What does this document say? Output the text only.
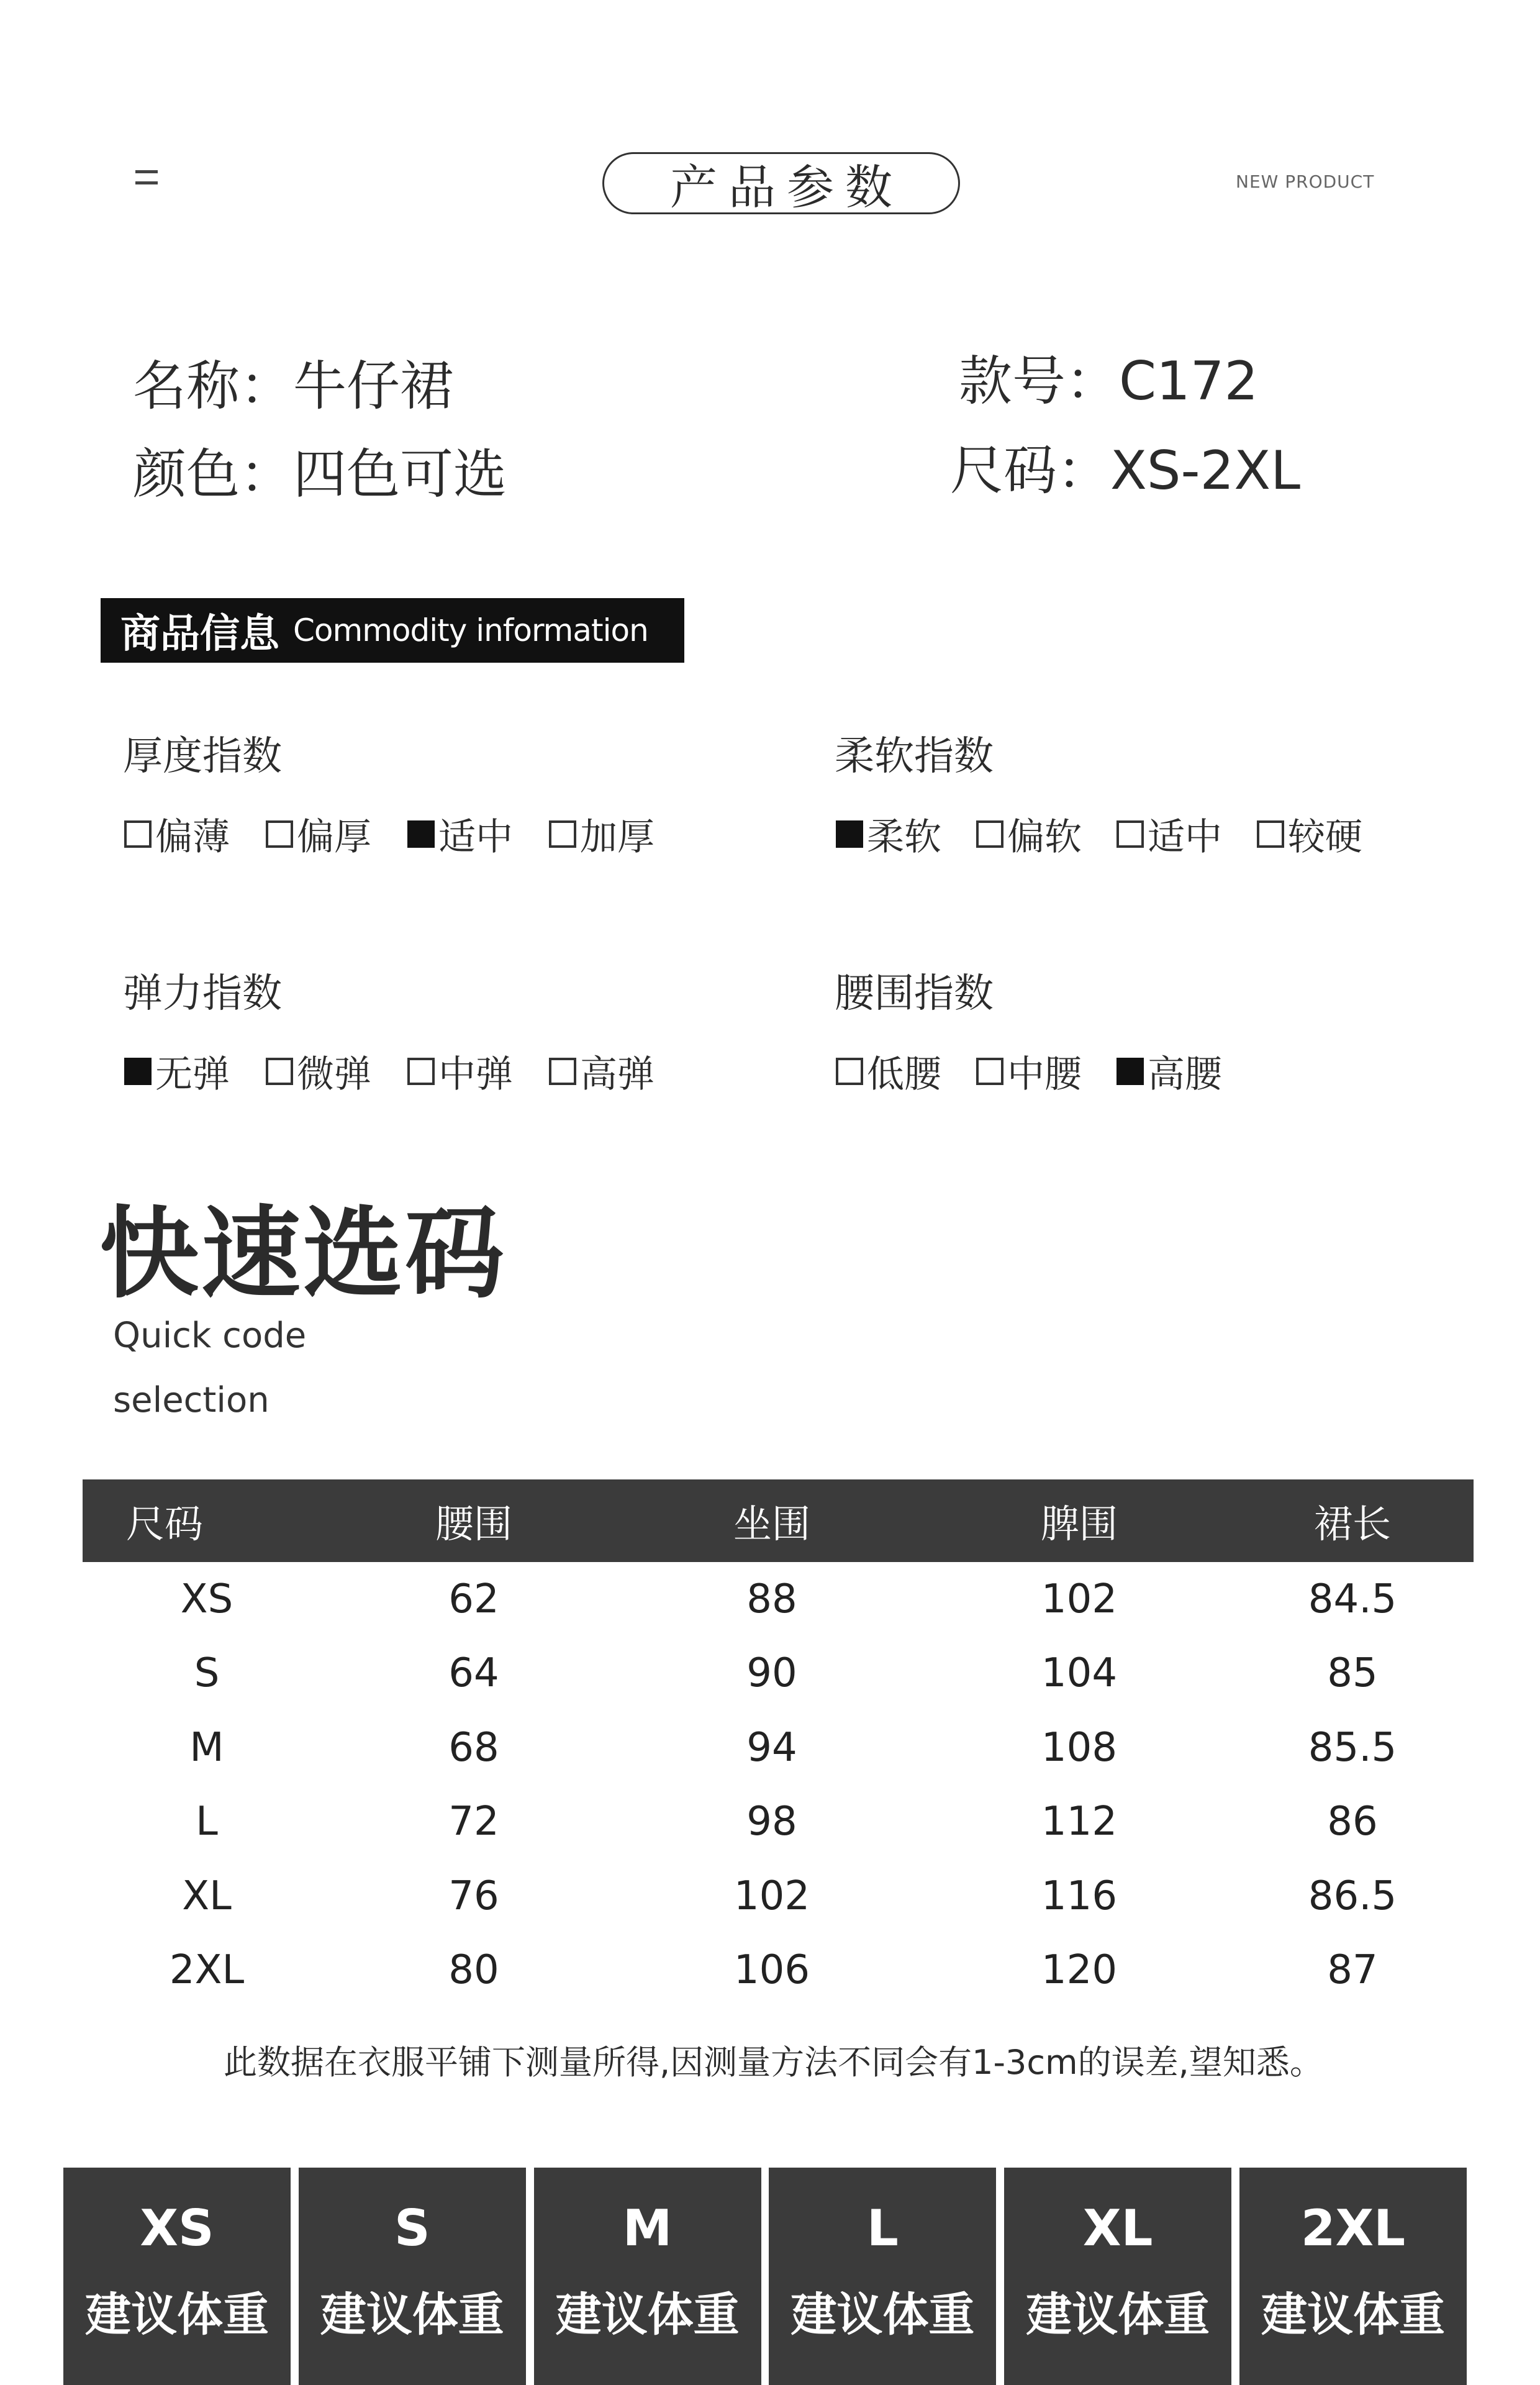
产品参数	NEW PRODUCT
名称：牛仔裙	款号：C172
颜色：四色可选	尺码：XS-2XL
商品信息 Commodity information
厚度指数
偏薄 偏厚 适中 加厚
柔软指数
柔软 偏软 适中 较硬
弹力指数
无弹 微弹 中弹 高弹
腰围指数
低腰 中腰 高腰
快速选码
Quick code
selection
尺码	腰围	坐围	脾围	裙长
XS	62	88	102	84.5
S	64	90	104	85
M	68	94	108	85.5
L	72	98	112	86
XL	76	102	116	86.5
2XL	80	106	120	87
此数据在衣服平铺下测量所得,因测量方法不同会有1-3cm的误差,望知悉。
XS
建议体重
S
建议体重
M
建议体重
L
建议体重
XL
建议体重
2XL
建议体重
